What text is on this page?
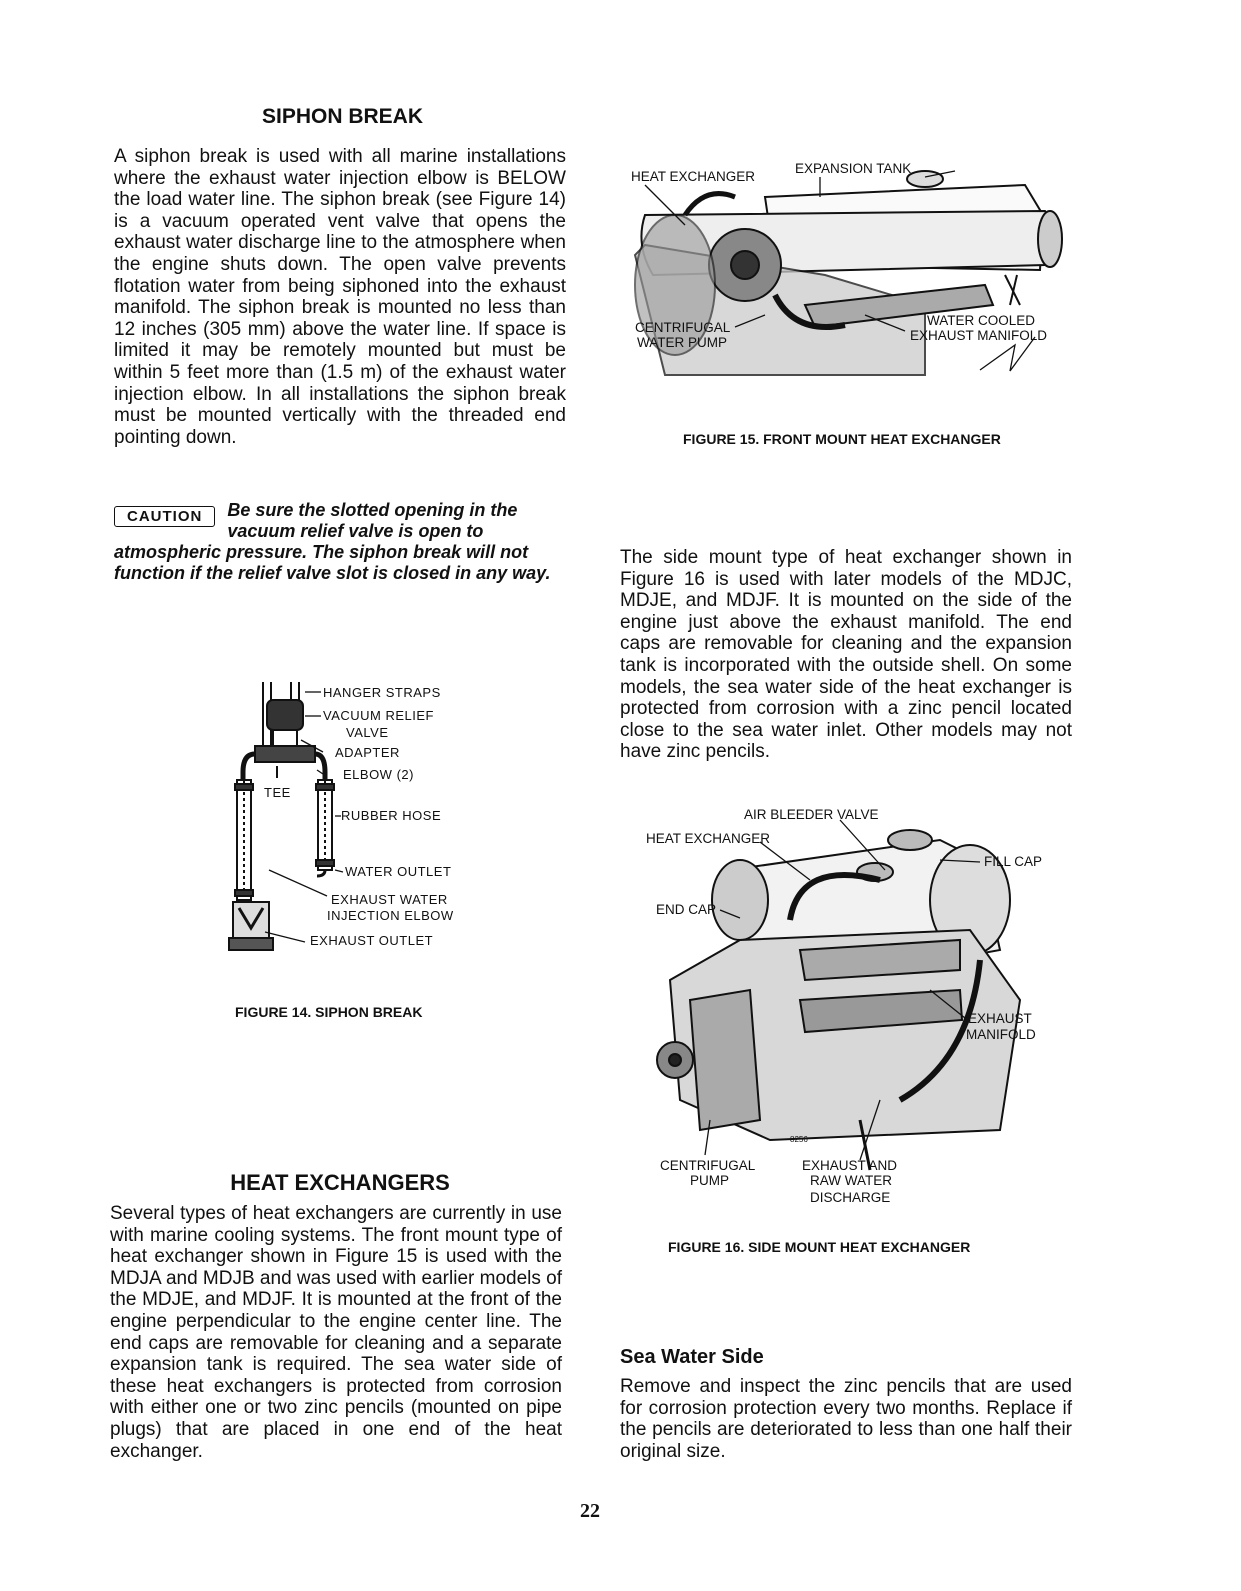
SIPHON BREAK

A siphon break is used with all marine installations where the exhaust water injection elbow is BELOW the load water line. The siphon break (see Figure 14) is a vacuum operated vent valve that opens the exhaust water discharge line to the atmosphere when the engine shuts down. The open valve prevents flotation water from being siphoned into the exhaust manifold. The siphon break is mounted no less than 12 inches (305 mm) above the water line. If space is limited it may be remotely mounted but must be within 5 feet more than (1.5 m) of the exhaust water injection elbow. In all installations the siphon break must be mounted vertically with the threaded end pointing down.

CAUTION	Be sure the slotted opening in the vacuum relief valve is open to atmospheric pressure. The siphon break will not function if the relief valve slot is closed in any way.

HANGER STRAPS
VACUUM RELIEF
VALVE
ADAPTER
ELBOW (2)
TEE
RUBBER HOSE
WATER OUTLET
EXHAUST WATER
INJECTION ELBOW
EXHAUST OUTLET

FIGURE 14. SIPHON BREAK

HEAT EXCHANGERS

Several types of heat exchangers are currently in use with marine cooling systems. The front mount type of heat exchanger shown in Figure 15 is used with the MDJA and MDJB and was used with earlier models of the MDJE, and MDJF. It is mounted at the front of the engine perpendicular to the engine center line. The end caps are removable for cleaning and a separate expansion tank is required. The sea water side of these heat exchangers is protected from corrosion with either one or two zinc pencils (mounted on pipe plugs) that are placed in one end of the heat exchanger.

HEAT EXCHANGER
EXPANSION TANK
CENTRIFUGAL
WATER PUMP
WATER COOLED
EXHAUST MANIFOLD

FIGURE 15. FRONT MOUNT HEAT EXCHANGER

The side mount type of heat exchanger shown in Figure 16 is used with later models of the MDJC, MDJE, and MDJF. It is mounted on the side of the engine just above the exhaust manifold. The end caps are removable for cleaning and the expansion tank is incorporated with the outside shell. On some models, the sea water side of the heat exchanger is protected from corrosion with a zinc pencil located close to the sea water inlet. Other models may not have zinc pencils.

AIR BLEEDER VALVE
HEAT EXCHANGER
FILL CAP
END CAP
EXHAUST
MANIFOLD
8256
CENTRIFUGAL
PUMP
EXHAUST AND
RAW WATER
DISCHARGE

FIGURE 16. SIDE MOUNT HEAT EXCHANGER

Sea Water Side

Remove and inspect the zinc pencils that are used for corrosion protection every two months. Replace if the pencils are deteriorated to less than one half their original size.

22
